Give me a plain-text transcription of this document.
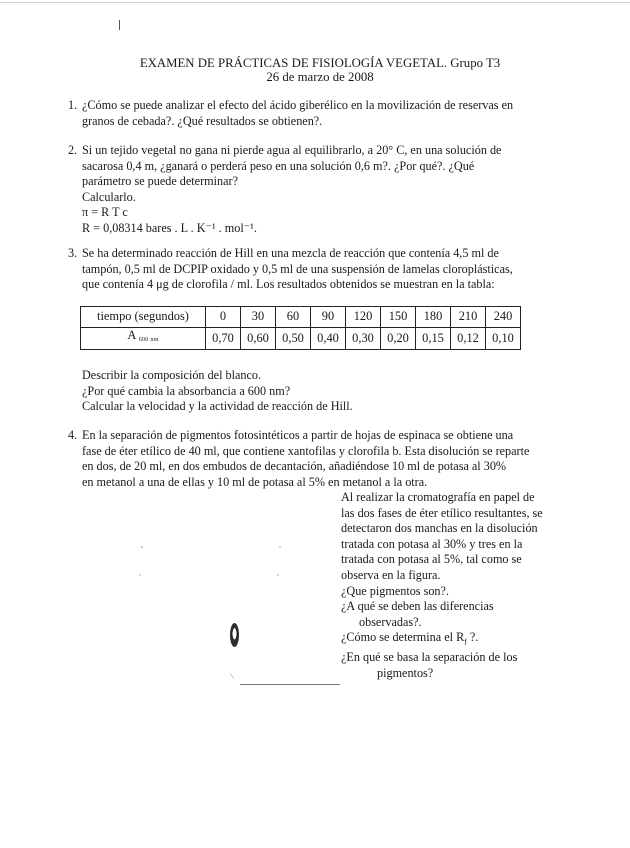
EXAMEN DE PRÁCTICAS DE FISIOLOGÍA VEGETAL. Grupo T3
26 de marzo de 2008
1. ¿Cómo se puede analizar el efecto del ácido giberélico en la movilización de reservas en
granos de cebada?. ¿Qué resultados se obtienen?.
2. Si un tejido vegetal no gana ni pierde agua al equilibrarlo, a 20° C, en una solución de
sacarosa 0,4 m, ¿ganará o perderá peso en una solución 0,6 m?. ¿Por qué?. ¿Qué
parámetro se puede determinar?
Calcularlo.
π = R T c
R = 0,08314 bares . L . K⁻¹ . mol⁻¹.
3. Se ha determinado reacción de Hill en una mezcla de reacción que contenía 4,5 ml de
tampón, 0,5 ml de DCPIP oxidado y 0,5 ml de una suspensión de lamelas cloroplásticas,
que contenía 4 μg de clorofila / ml. Los resultados obtenidos se muestran en la tabla:
tiempo (segundos)	0	30	60	90	120	150	180	210	240
A $_{600 nm}$	0,70	0,60	0,50	0,40	0,30	0,20	0,15	0,12	0,10
Describir la composición del blanco.
¿Por qué cambia la absorbancia a 600 nm?
Calcular la velocidad y la actividad de reacción de Hill.
4. En la separación de pigmentos fotosintéticos a partir de hojas de espinaca se obtiene una
fase de éter etílico de 40 ml, que contiene xantofilas y clorofila b. Esta disolución se reparte
en dos, de 20 ml, en dos embudos de decantación, añadiéndose 10 ml de potasa al 30%
en metanol a una de ellas y 10 ml de potasa al 5% en metanol a la otra.
Al realizar la cromatografía en papel de
las dos fases de éter etílico resultantes, se
detectaron dos manchas en la disolución
tratada con potasa al 30% y tres en la
tratada con potasa al 5%, tal como se
observa en la figura.
¿Que pigmentos son?.
¿A qué se deben las diferencias
observadas?.
¿Cómo se determina el $R_f$ ?.
¿En qué se basa la separación de los
pigmentos?
